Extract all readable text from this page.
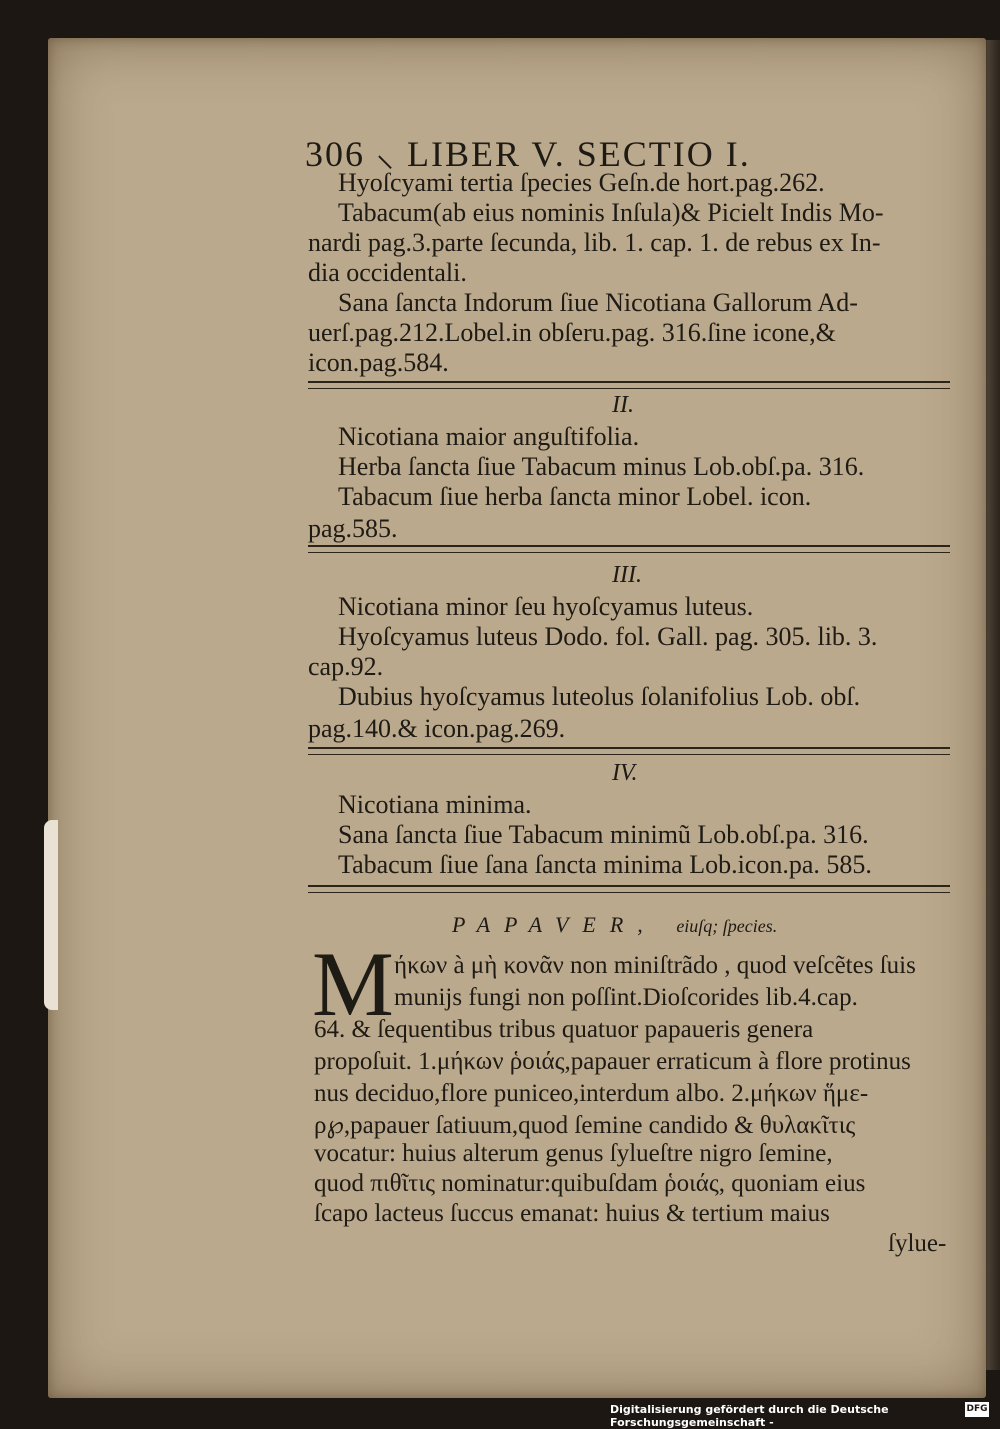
306 ⸜ LIBER V. SECTIO I.
Hyoſcyami tertia ſpecies Geſn.de hort.pag.262.
Tabacum(ab eius nominis Inſula)& Picielt Indis Mo-
nardi pag.3.parte ſecunda, lib. 1. cap. 1. de rebus ex In-
dia occidentali.
Sana ſancta Indorum ſiue Nicotiana Gallorum Ad-
uerſ.pag.212.Lobel.in obſeru.pag. 316.ſine icone,&
icon.pag.584.
II.
Nicotiana maior anguſtifolia.
Herba ſancta ſiue Tabacum minus Lob.obſ.pa. 316.
Tabacum ſiue herba ſancta minor Lobel. icon.
pag.585.
III.
Nicotiana minor ſeu hyoſcyamus luteus.
Hyoſcyamus luteus Dodo. fol. Gall. pag. 305. lib. 3.
cap.92.
Dubius hyoſcyamus luteolus ſolanifolius Lob. obſ.
pag.140.& icon.pag.269.
IV.
Nicotiana minima.
Sana ſancta ſiue Tabacum minimũ Lob.obſ.pa. 316.
Tabacum ſiue ſana ſancta minima Lob.icon.pa. 585.
PAPAVER, eiuſq; ſpecies.
M ήκων à μὴ κονᾶν non miniſtrãdo , quod veſcẽtes ſuis
munijs fungi non poſſint.Dioſcorides lib.4.cap.
64. & ſequentibus tribus quatuor papaueris genera
propoſuit. 1.μήκων ῥοιάς,papauer erraticum à flore protinus
nus deciduo,flore puniceo,interdum albo. 2.μήκων ἥμε-
ρ℘,papauer ſatiuum,quod ſemine candido & θυλακῖτις
vocatur: huius alterum genus ſylueſtre nigro ſemine,
quod πιθῖτις nominatur:quibuſdam ῥοιάς, quoniam eius
ſcapo lacteus ſuccus emanat: huius & tertium maius
ſylue-
Digitalisierung gefördert durch die Deutsche Forschungsgemeinschaft -
DFG
